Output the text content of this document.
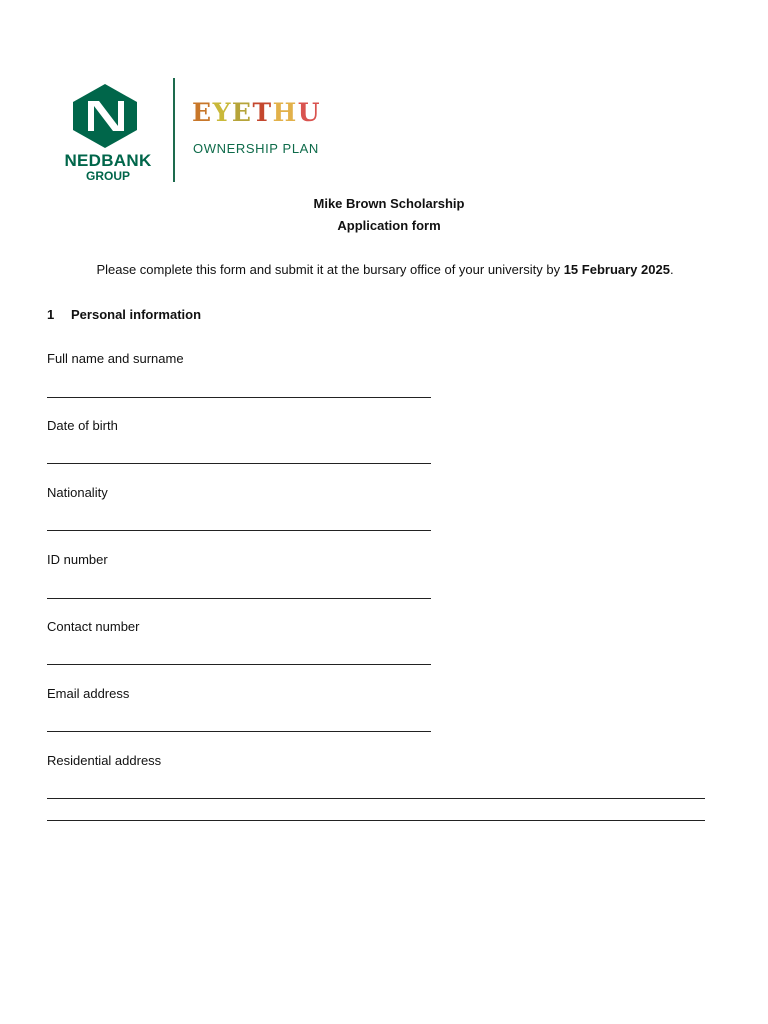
NEDBANK
GROUP
EYETHU
OWNERSHIP PLAN
Mike Brown Scholarship
Application form
Please complete this form and submit it at the bursary office of your university by 15 February 2025.
1 Personal information
Full name and surname
Date of birth
Nationality
ID number
Contact number
Email address
Residential address
